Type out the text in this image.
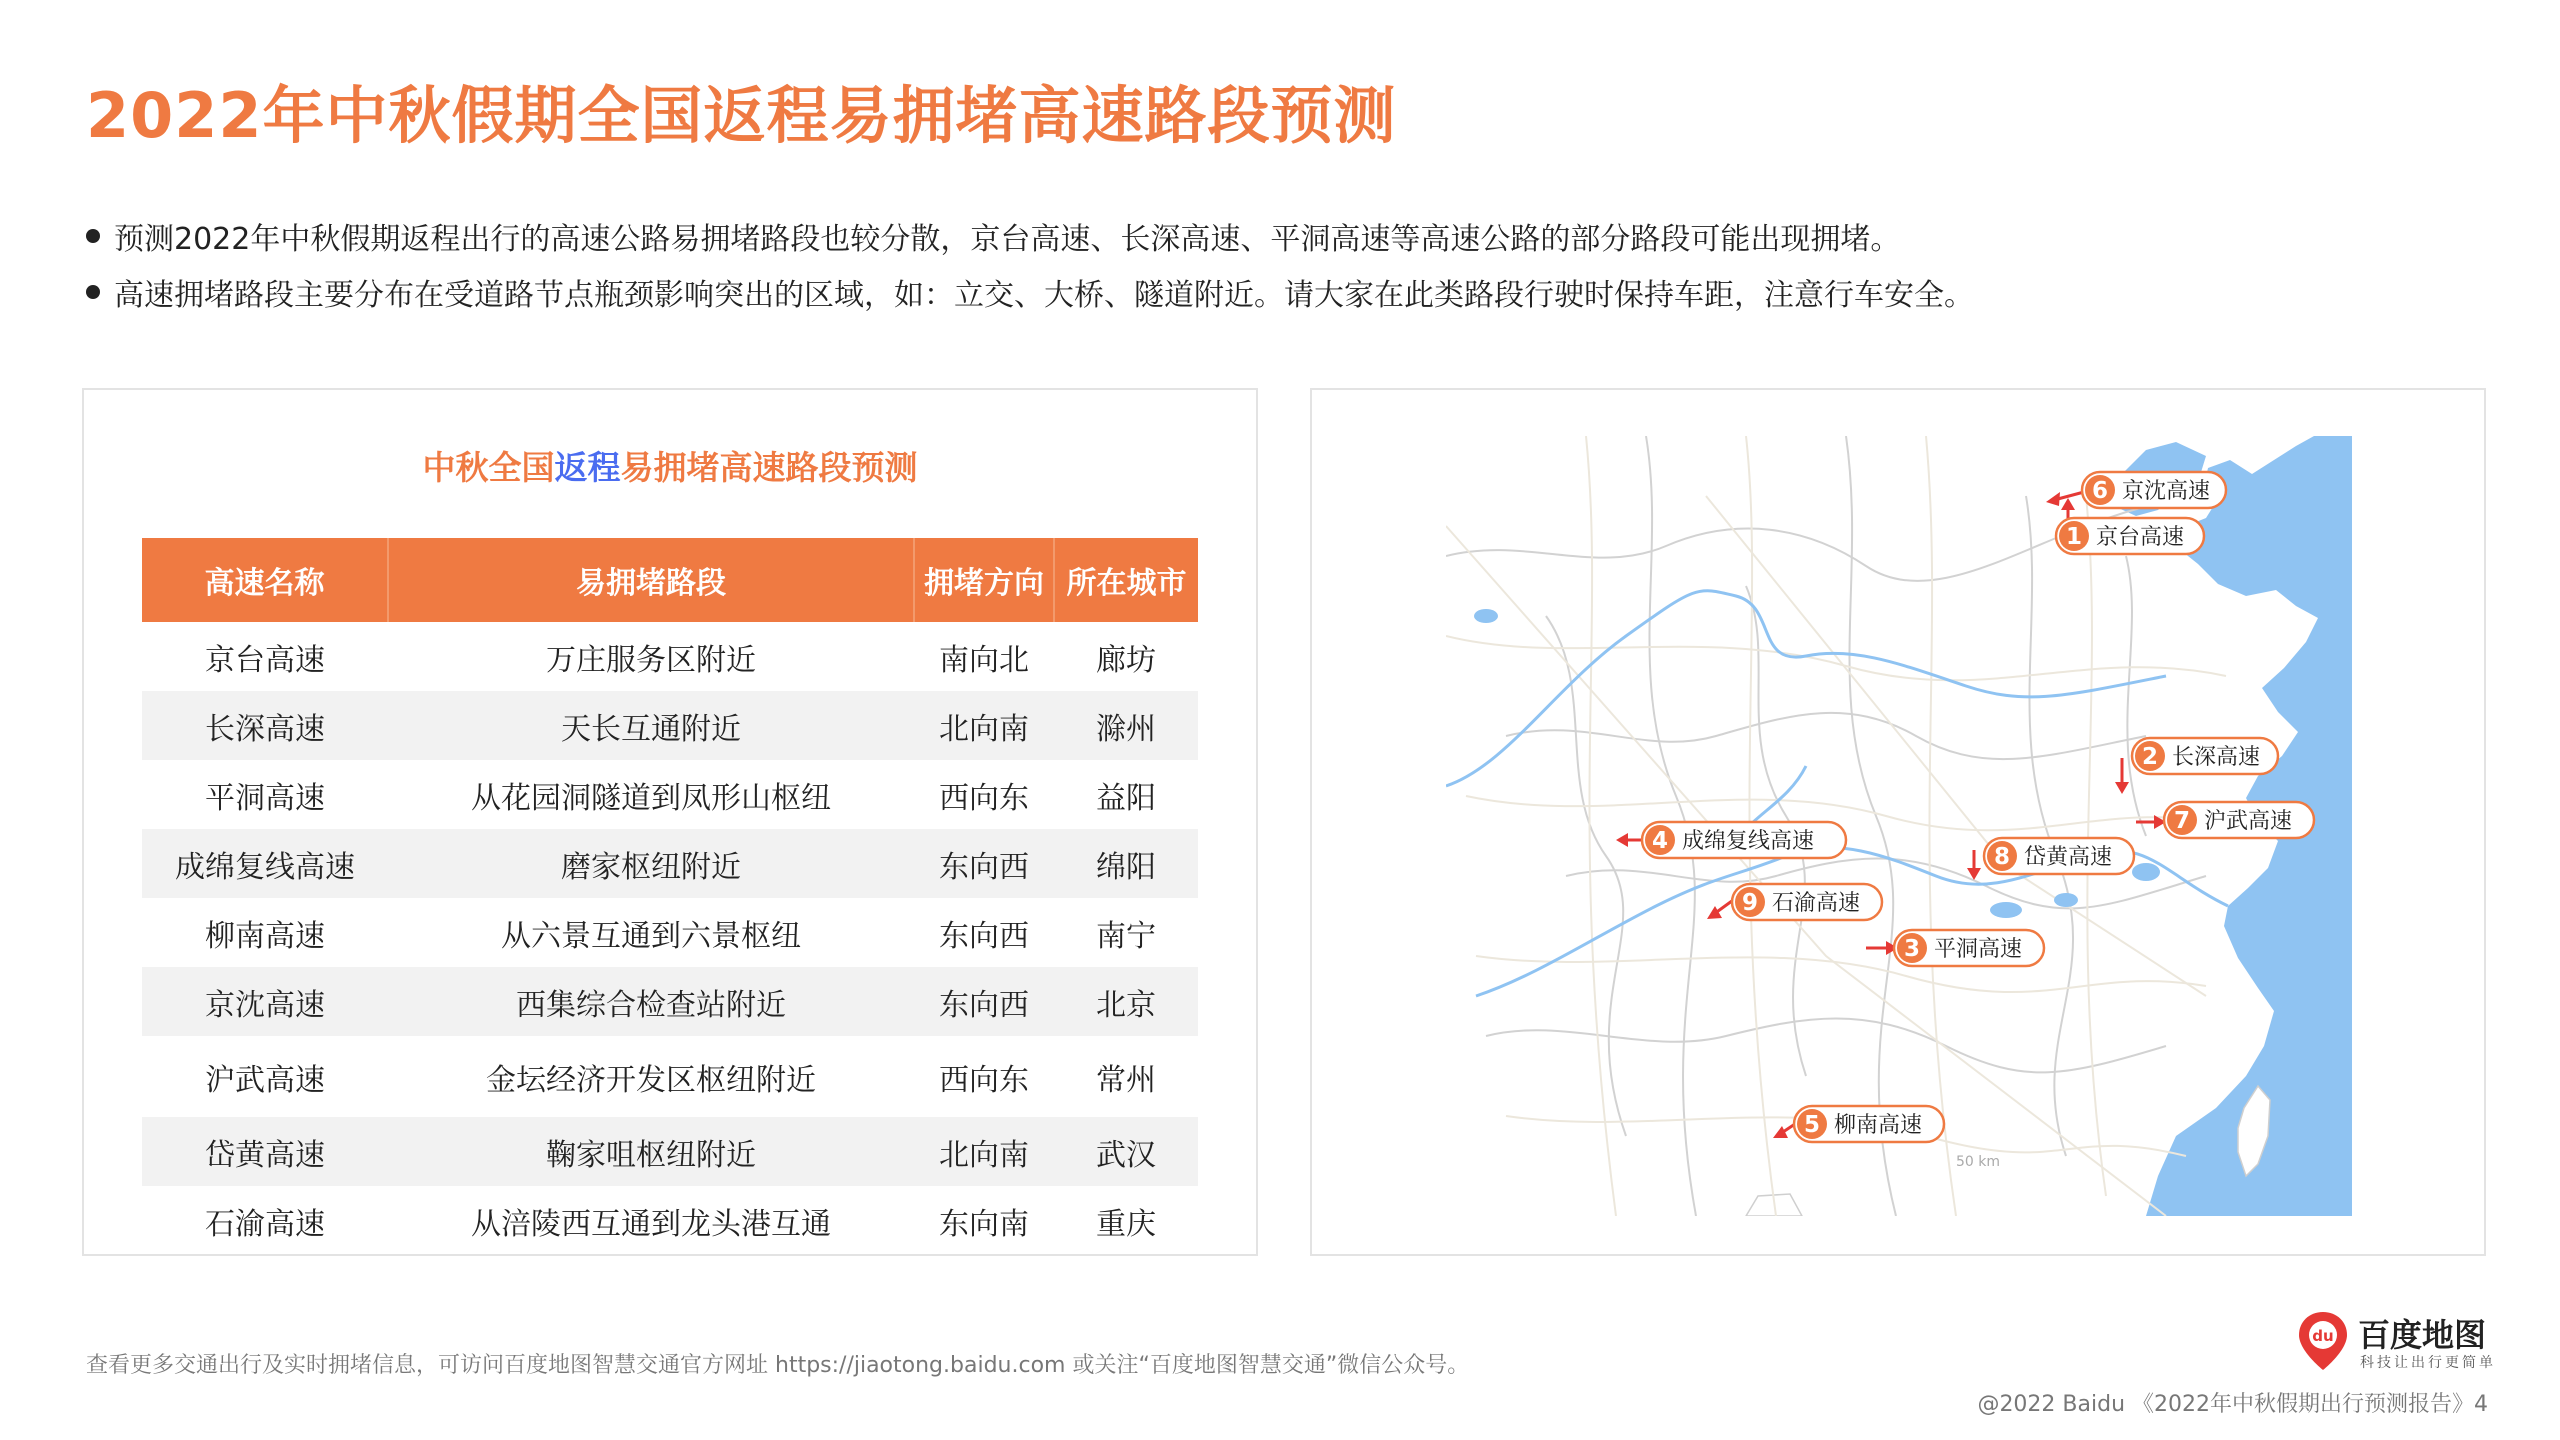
2022年中秋假期全国返程易拥堵高速路段预测
预测2022年中秋假期返程出行的高速公路易拥堵路段也较分散，京台高速、长深高速、平洞高速等高速公路的部分路段可能出现拥堵。
高速拥堵路段主要分布在受道路节点瓶颈影响突出的区域，如：立交、大桥、隧道附近。请大家在此类路段行驶时保持车距，注意行车安全。
中秋全国返程易拥堵高速路段预测
高速名称	易拥堵路段	拥堵方向	所在城市
京台高速	万庄服务区附近	南向北	廊坊
长深高速	天长互通附近	北向南	滁州
平洞高速	从花园洞隧道到凤形山枢纽	西向东	益阳
成绵复线高速	磨家枢纽附近	东向西	绵阳
柳南高速	从六景互通到六景枢纽	东向西	南宁
京沈高速	西集综合检查站附近	东向西	北京
沪武高速	金坛经济开发区枢纽附近	西向东	常州
岱黄高速	鞠家咀枢纽附近	北向南	武汉
石渝高速	从涪陵西互通到龙头港互通	东向南	重庆
6 京沈高速
1 京台高速
2 长深高速
7 沪武高速
4 成绵复线高速
8 岱黄高速
9 石渝高速
3 平洞高速
5 柳南高速
50 km
查看更多交通出行及实时拥堵信息，可访问百度地图智慧交通官方网址 https://jiaotong.baidu.com 或关注“百度地图智慧交通”微信公众号。
du 百度地图
科技让出行更简单
@2022 Baidu 《2022年中秋假期出行预测报告》4
